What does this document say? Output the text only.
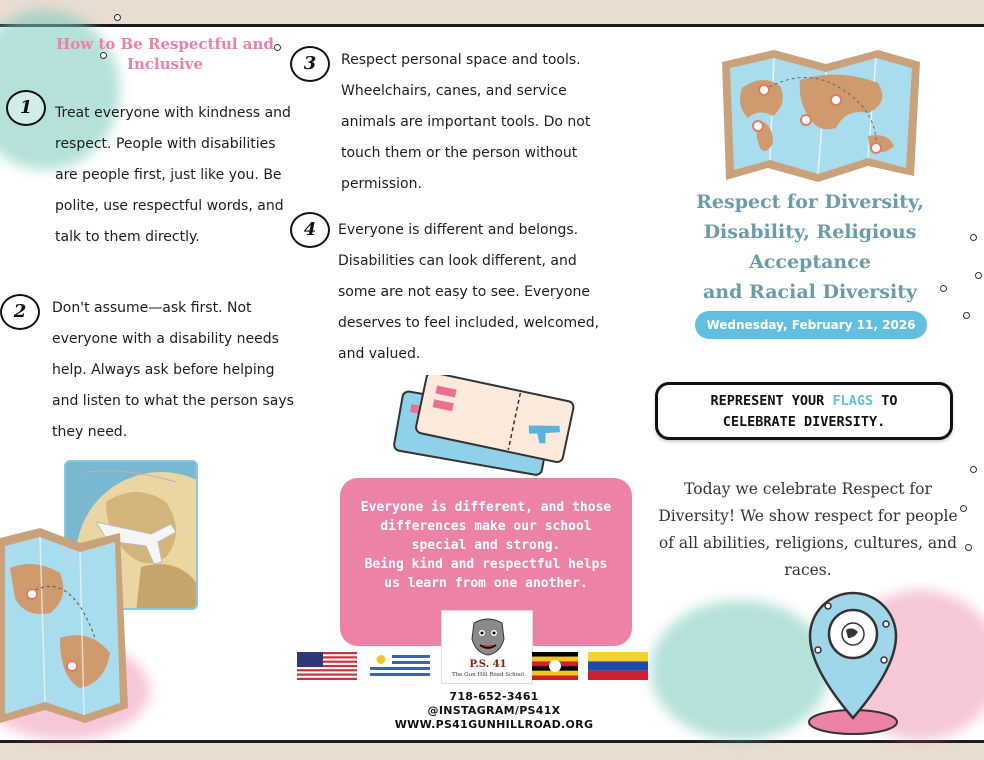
How to Be Respectful and Inclusive
1	Treat everyone with kindness and respect. People with disabilities are people first, just like you. Be polite, use respectful words, and talk to them directly.
2	Don't assume—ask first. Not everyone with a disability needs help. Always ask before helping and listen to what the person says they need.
3	Respect personal space and tools. Wheelchairs, canes, and service animals are important tools. Do not touch them or the person without permission.
4	Everyone is different and belongs. Disabilities can look different, and some are not easy to see. Everyone deserves to feel included, welcomed, and valued.
Everyone is different, and those differences make our school special and strong.
Being kind and respectful helps us learn from one another.
P.S. 41
The Gun Hill Road School
718-652-3461
@INSTAGRAM/PS41X
WWW.PS41GUNHILLROAD.ORG
Respect for Diversity,
Disability, Religious
Acceptance
and Racial Diversity
Wednesday, February 11, 2026
REPRESENT YOUR FLAGS TO
CELEBRATE DIVERSITY.
Today we celebrate Respect for Diversity! We show respect for people of all abilities, religions, cultures, and races.
